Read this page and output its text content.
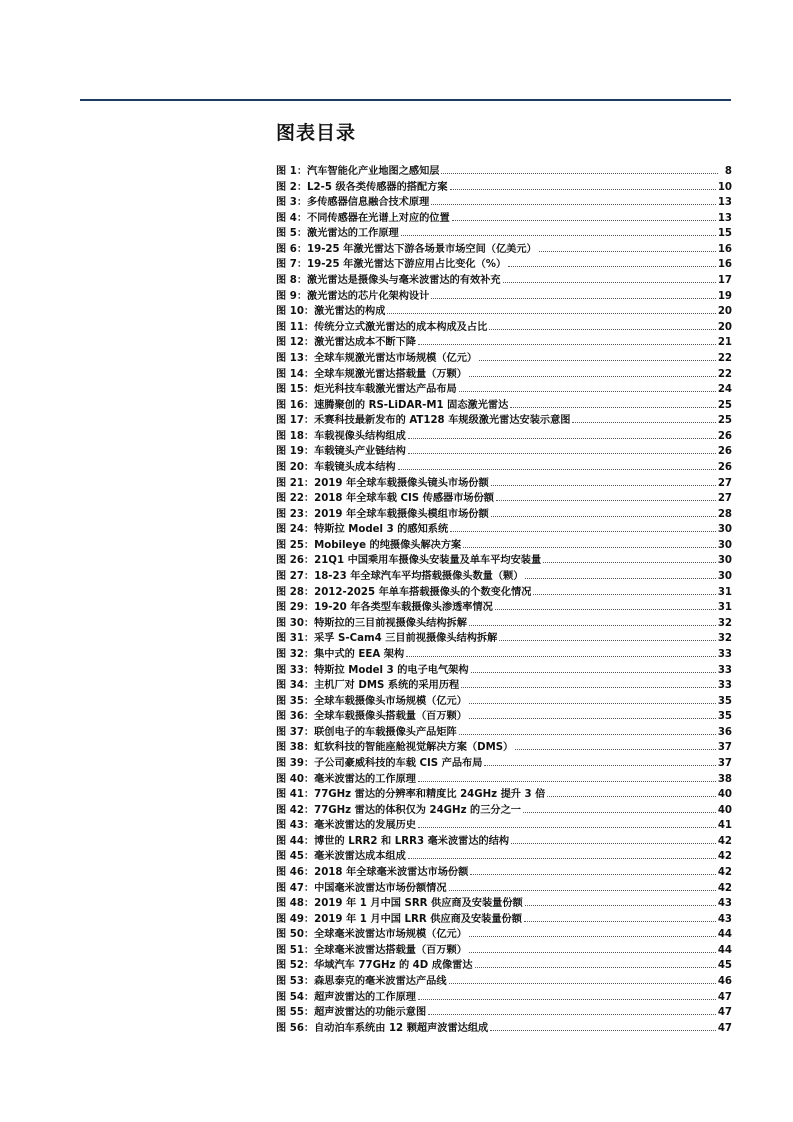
图表目录
图 1： 汽车智能化产业地图之感知层	8
图 2： L2-5 级各类传感器的搭配方案	10
图 3： 多传感器信息融合技术原理	13
图 4： 不同传感器在光谱上对应的位置	13
图 5： 激光雷达的工作原理	15
图 6： 19-25 年激光雷达下游各场景市场空间（亿美元）	16
图 7： 19-25 年激光雷达下游应用占比变化（%）	16
图 8： 激光雷达是摄像头与毫米波雷达的有效补充	17
图 9： 激光雷达的芯片化架构设计	19
图 10： 激光雷达的构成	20
图 11： 传统分立式激光雷达的成本构成及占比	20
图 12： 激光雷达成本不断下降	21
图 13： 全球车规激光雷达市场规模（亿元）	22
图 14： 全球车规激光雷达搭载量（万颗）	22
图 15： 炬光科技车载激光雷达产品布局	24
图 16： 速腾聚创的 RS-LiDAR-M1 固态激光雷达	25
图 17： 禾赛科技最新发布的 AT128 车规级激光雷达安装示意图	25
图 18： 车载视像头结构组成	26
图 19： 车载镜头产业链结构	26
图 20： 车载镜头成本结构	26
图 21： 2019 年全球车载摄像头镜头市场份额	27
图 22： 2018 年全球车载 CIS 传感器市场份额	27
图 23： 2019 年全球车载摄像头模组市场份额	28
图 24： 特斯拉 Model 3 的感知系统	30
图 25： Mobileye 的纯摄像头解决方案	30
图 26： 21Q1 中国乘用车摄像头安装量及单车平均安装量	30
图 27： 18-23 年全球汽车平均搭载摄像头数量（颗）	30
图 28： 2012-2025 年单车搭载摄像头的个数变化情况	31
图 29： 19-20 年各类型车载摄像头渗透率情况	31
图 30： 特斯拉的三目前视摄像头结构拆解	32
图 31： 采孚 S-Cam4 三目前视摄像头结构拆解	32
图 32： 集中式的 EEA 架构	33
图 33： 特斯拉 Model 3 的电子电气架构	33
图 34： 主机厂对 DMS 系统的采用历程	33
图 35： 全球车载摄像头市场规模（亿元）	35
图 36： 全球车载摄像头搭载量（百万颗）	35
图 37： 联创电子的车载摄像头产品矩阵	36
图 38： 虹软科技的智能座舱视觉解决方案（DMS）	37
图 39： 子公司豪威科技的车载 CIS 产品布局	37
图 40： 毫米波雷达的工作原理	38
图 41： 77GHz 雷达的分辨率和精度比 24GHz 提升 3 倍	40
图 42： 77GHz 雷达的体积仅为 24GHz 的三分之一	40
图 43： 毫米波雷达的发展历史	41
图 44： 博世的 LRR2 和 LRR3 毫米波雷达的结构	42
图 45： 毫米波雷达成本组成	42
图 46： 2018 年全球毫米波雷达市场份额	42
图 47： 中国毫米波雷达市场份额情况	42
图 48： 2019 年 1 月中国 SRR 供应商及安装量份额	43
图 49： 2019 年 1 月中国 LRR 供应商及安装量份额	43
图 50： 全球毫米波雷达市场规模（亿元）	44
图 51： 全球毫米波雷达搭载量（百万颗）	44
图 52： 华域汽车 77GHz 的 4D 成像雷达	45
图 53： 森思泰克的毫米波雷达产品线	46
图 54： 超声波雷达的工作原理	47
图 55： 超声波雷达的功能示意图	47
图 56： 自动泊车系统由 12 颗超声波雷达组成	47
